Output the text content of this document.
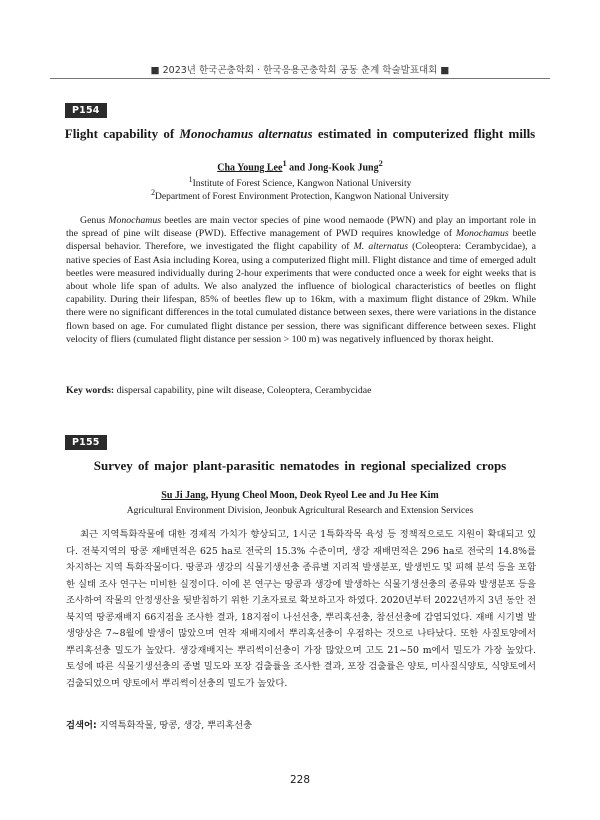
■ 2023년 한국곤충학회 · 한국응용곤충학회 공동 춘계 학술발표대회 ■
P154
Flight capability of Monochamus alternatus estimated in computerized flight mills
Cha Young Lee$^1$ and Jong-Kook Jung$^2$
$^1$Institute of Forest Science, Kangwon National University
$^2$Department of Forest Environment Protection, Kangwon National University

Genus Monochamus beetles are main vector species of pine wood nemaode (PWN) and play an important role in the spread of pine wilt disease (PWD). Effective management of PWD requires knowledge of Monochamus beetle dispersal behavior. Therefore, we investigated the flight capability of M. alternatus (Coleoptera: Cerambycidae), a native species of East Asia including Korea, using a computerized flight mill. Flight distance and time of emerged adult beetles were measured individually during 2-hour experiments that were conducted once a week for eight weeks that is about whole life span of adults. We also analyzed the influence of biological characteristics of beetles on flight capability. During their lifespan, 85% of beetles flew up to 16km, with a maximum flight distance of 29km. While there were no significant differences in the total cumulated distance between sexes, there were variations in the distance flown based on age. For cumulated flight distance per session, there was significant difference between sexes. Flight velocity of fliers (cumulated flight distance per session > 100 m) was negatively influenced by thorax height.

Key words: dispersal capability, pine wilt disease, Coleoptera, Cerambycidae
P155
Survey of major plant-parasitic nematodes in regional specialized crops
Su Ji Jang, Hyung Cheol Moon, Deok Ryeol Lee and Ju Hee Kim
Agricultural Environment Division, Jeonbuk Agricultural Research and Extension Services

최근 지역특화작물에 대한 경제적 가치가 향상되고, 1시군 1특화작목 육성 등 정책적으로도 지원이 확대되고 있다. 전북지역의 땅콩 재배면적은 625 ha로 전국의 15.3% 수준이며, 생강 재배면적은 296 ha로 전국의 14.8%를 차지하는 지역 특화작물이다. 땅콩과 생강의 식물기생선충 종류별 지리적 발생분포, 발생빈도 및 피해 분석 등을 포함한 실태 조사 연구는 미비한 실정이다. 이에 본 연구는 땅콩과 생강에 발생하는 식물기생선충의 종류와 발생분포 등을 조사하여 작물의 안정생산을 뒷받침하기 위한 기초자료로 확보하고자 하였다. 2020년부터 2022년까지 3년 동안 전북지역 땅콩재배지 66지점을 조사한 결과, 18지점이 나선선충, 뿌리혹선충, 참선선충에 감염되었다. 재배 시기별 발생양상은 7~8월에 발생이 많았으며 연작 재배지에서 뿌리혹선충이 우점하는 것으로 나타났다. 또한 사질토양에서 뿌리혹선충 밀도가 높았다. 생강재배지는 뿌리썩이선충이 가장 많았으며 고도 21~50 m에서 밀도가 가장 높았다. 토성에 따른 식물기생선충의 종별 밀도와 포장 검출률을 조사한 결과, 포장 검출률은 양토, 미사질식양토, 식양토에서 검출되었으며 양토에서 뿌리썩이선충의 밀도가 높았다.

검색어: 지역특화작물, 땅콩, 생강, 뿌리혹선충
228
